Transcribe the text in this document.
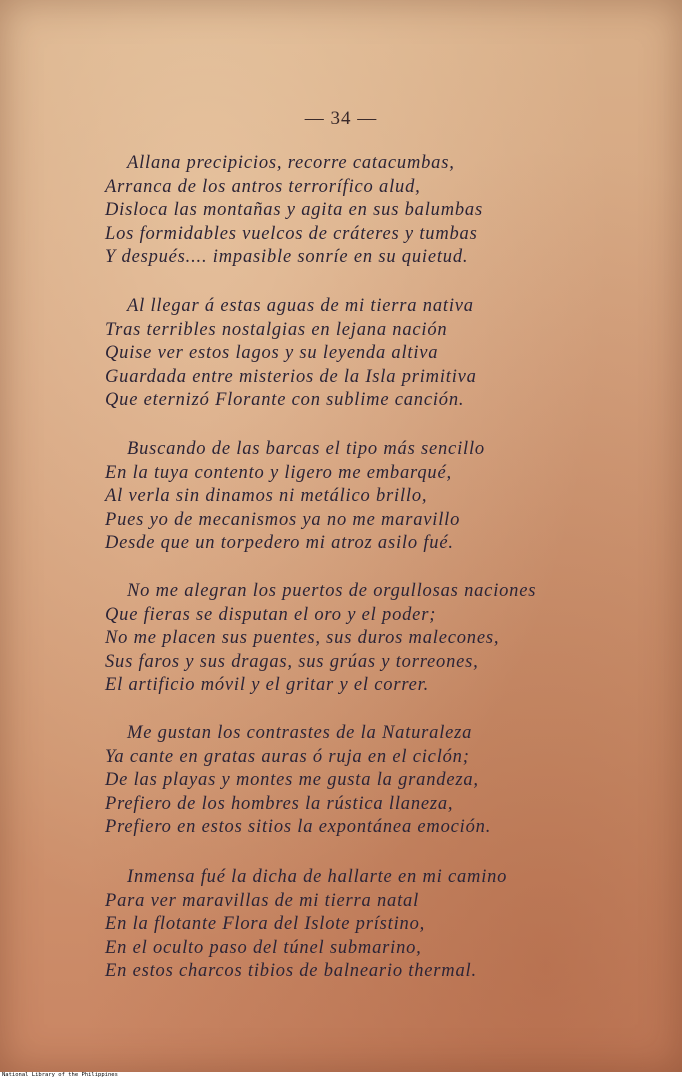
— 34 —
Allana precipicios, recorre catacumbas,
Arranca de los antros terrorífico alud,
Disloca las montañas y agita en sus balumbas
Los formidables vuelcos de cráteres y tumbas
Y después.... impasible sonríe en su quietud.
Al llegar á estas aguas de mi tierra nativa
Tras terribles nostalgias en lejana nación
Quise ver estos lagos y su leyenda altiva
Guardada entre misterios de la Isla primitiva
Que eternizó Florante con sublime canción.
Buscando de las barcas el tipo más sencillo
En la tuya contento y ligero me embarqué,
Al verla sin dinamos ni metálico brillo,
Pues yo de mecanismos ya no me maravillo
Desde que un torpedero mi atroz asilo fué.
No me alegran los puertos de orgullosas naciones
Que fieras se disputan el oro y el poder;
No me placen sus puentes, sus duros malecones,
Sus faros y sus dragas, sus grúas y torreones,
El artificio móvil y el gritar y el correr.
Me gustan los contrastes de la Naturaleza
Ya cante en gratas auras ó ruja en el ciclón;
De las playas y montes me gusta la grandeza,
Prefiero de los hombres la rústica llaneza,
Prefiero en estos sitios la expontánea emoción.
Inmensa fué la dicha de hallarte en mi camino
Para ver maravillas de mi tierra natal
En la flotante Flora del Islote prístino,
En el oculto paso del túnel submarino,
En estos charcos tibios de balneario thermal.
National Library of the Philippines
